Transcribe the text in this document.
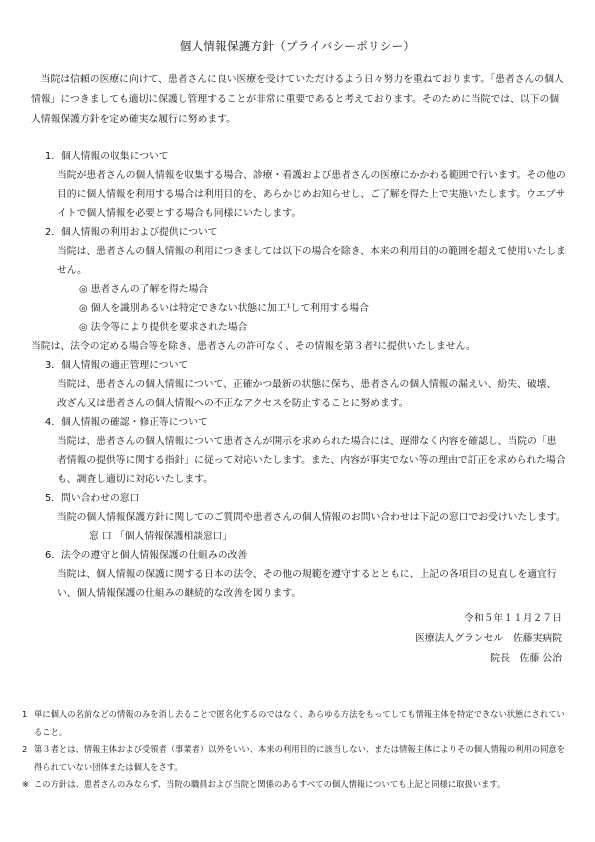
個人情報保護方針（プライバシーポリシー）
当院は信頼の医療に向けて、患者さんに良い医療を受けていただけるよう日々努力を重ねております。「患者さんの個人情報」につきましても適切に保護し管理することが非常に重要であると考えております。そのために当院では、以下の個人情報保護方針を定め確実な履行に努めます。
1．個人情報の収集について
当院が患者さんの個人情報を収集する場合、診療・看護および患者さんの医療にかかわる範囲で行います。その他の目的に個人情報を利用する場合は利用目的を、あらかじめお知らせし、ご了解を得た上で実施いたします。ウエブサイトで個人情報を必要とする場合も同様にいたします。
2．個人情報の利用および提供について
当院は、患者さんの個人情報の利用につきましては以下の場合を除き、本来の利用目的の範囲を超えて使用いたしません。
◎ 患者さんの了解を得た場合
◎ 個人を識別あるいは特定できない状態に加工¹して利用する場合
◎ 法令等により提供を要求された場合
当院は、法令の定める場合等を除き、患者さんの許可なく、その情報を第３者²に提供いたしません。
3．個人情報の適正管理について
当院は、患者さんの個人情報について、正確かつ最新の状態に保ち、患者さんの個人情報の漏えい、紛失、破壊、改ざん又は患者さんの個人情報への不正なアクセスを防止することに努めます。
4．個人情報の確認・修正等について
当院は、患者さんの個人情報について患者さんが開示を求められた場合には、遅滞なく内容を確認し、当院の「患者情報の提供等に関する指針」に従って対応いたします。また、内容が事実でない等の理由で訂正を求められた場合も、調査し適切に対応いたします。
5．問い合わせの窓口
当院の個人情報保護方針に関してのご質問や患者さんの個人情報のお問い合わせは下記の窓口でお受けいたします。
窓 口 「個人情報保護相談窓口」
6．法令の遵守と個人情報保護の仕組みの改善
当院は、個人情報の保護に関する日本の法令、その他の規範を遵守するとともに、上記の各項目の見直しを適宜行い、個人情報保護の仕組みの継続的な改善を図ります。
令和５年１１月２７日
医療法人グランセル　佐藤実病院
院長　佐藤 公治
1 単に個人の名前などの情報のみを消し去ることで匿名化するのではなく、あらゆる方法をもってしても情報主体を特定できない状態にされていること。
2 第３者とは、情報主体および受領者（事業者）以外をいい、本来の利用目的に該当しない、または情報主体によりその個人情報の利用の同意を得られていない団体または個人をさす。
※ この方針は、患者さんのみならず、当院の職員および当院と関係のあるすべての個人情報についても上記と同様に取扱います。
